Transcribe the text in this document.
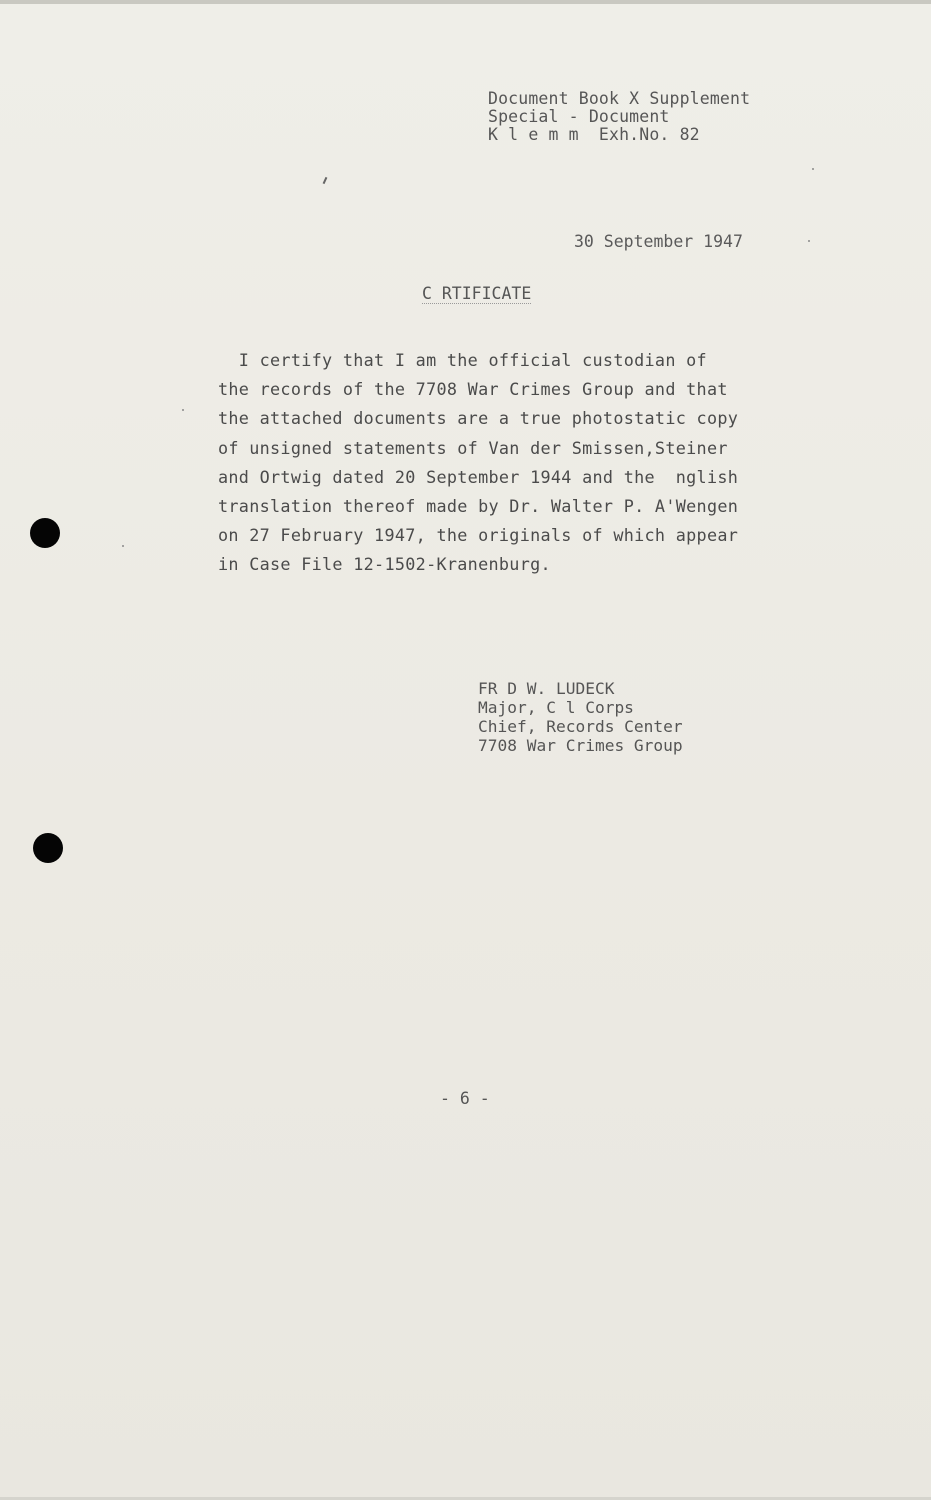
Document Book X Supplement
Special - Document
K l e m m  Exh.No. 82
30 September 1947
C RTIFICATE
I certify that I am the official custodian of
the records of the 7708 War Crimes Group and that
the attached documents are a true photostatic copy
of unsigned statements of Van der Smissen,Steiner
and Ortwig dated 20 September 1944 and the  nglish
translation thereof made by Dr. Walter P. A'Wengen
on 27 February 1947, the originals of which appear
in Case File 12-1502-Kranenburg.
FR D W. LUDECK
Major, C l Corps
Chief, Records Center
7708 War Crimes Group
- 6 -
